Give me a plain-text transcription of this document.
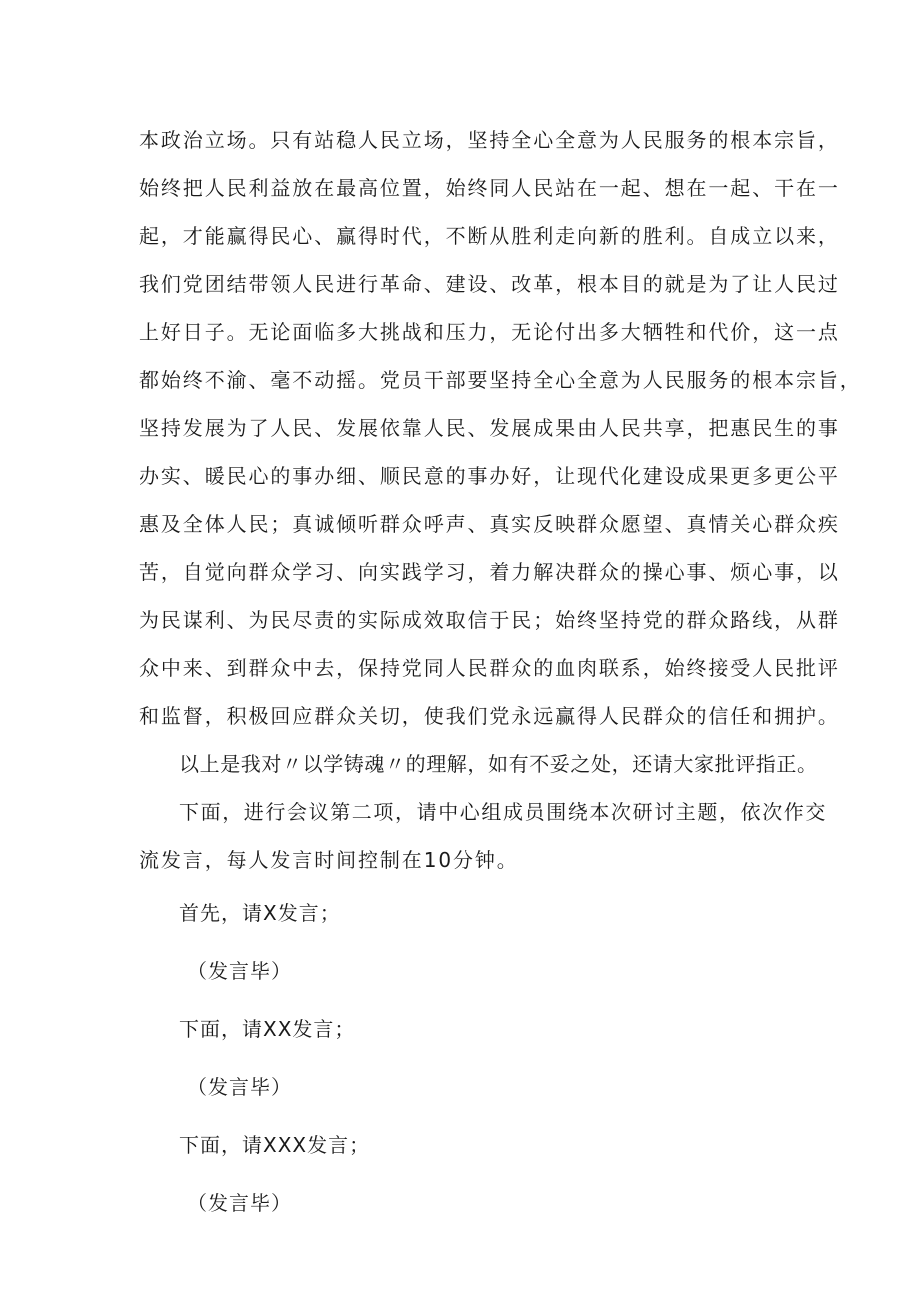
本政治立场。只有站稳人民立场，坚持全心全意为人民服务的根本宗旨，
始终把人民利益放在最高位置，始终同人民站在一起、想在一起、干在一
起，才能赢得民心、赢得时代，不断从胜利走向新的胜利。自成立以来，
我们党团结带领人民进行革命、建设、改革，根本目的就是为了让人民过
上好日子。无论面临多大挑战和压力，无论付出多大牺牲和代价，这一点
都始终不渝、毫不动摇。党员干部要坚持全心全意为人民服务的根本宗旨，
坚持发展为了人民、发展依靠人民、发展成果由人民共享，把惠民生的事
办实、暖民心的事办细、顺民意的事办好，让现代化建设成果更多更公平
惠及全体人民；真诚倾听群众呼声、真实反映群众愿望、真情关心群众疾
苦，自觉向群众学习、向实践学习，着力解决群众的操心事、烦心事，以
为民谋利、为民尽责的实际成效取信于民；始终坚持党的群众路线，从群
众中来、到群众中去，保持党同人民群众的血肉联系，始终接受人民批评
和监督，积极回应群众关切，使我们党永远赢得人民群众的信任和拥护。
以上是我对〃以学铸魂〃的理解，如有不妥之处，还请大家批评指正。
下面，进行会议第二项，请中心组成员围绕本次研讨主题，依次作交
流发言，每人发言时间控制在10分钟。
首先，请X发言；
（发言毕）
下面，请XX发言；
（发言毕）
下面，请XXX发言；
（发言毕）
